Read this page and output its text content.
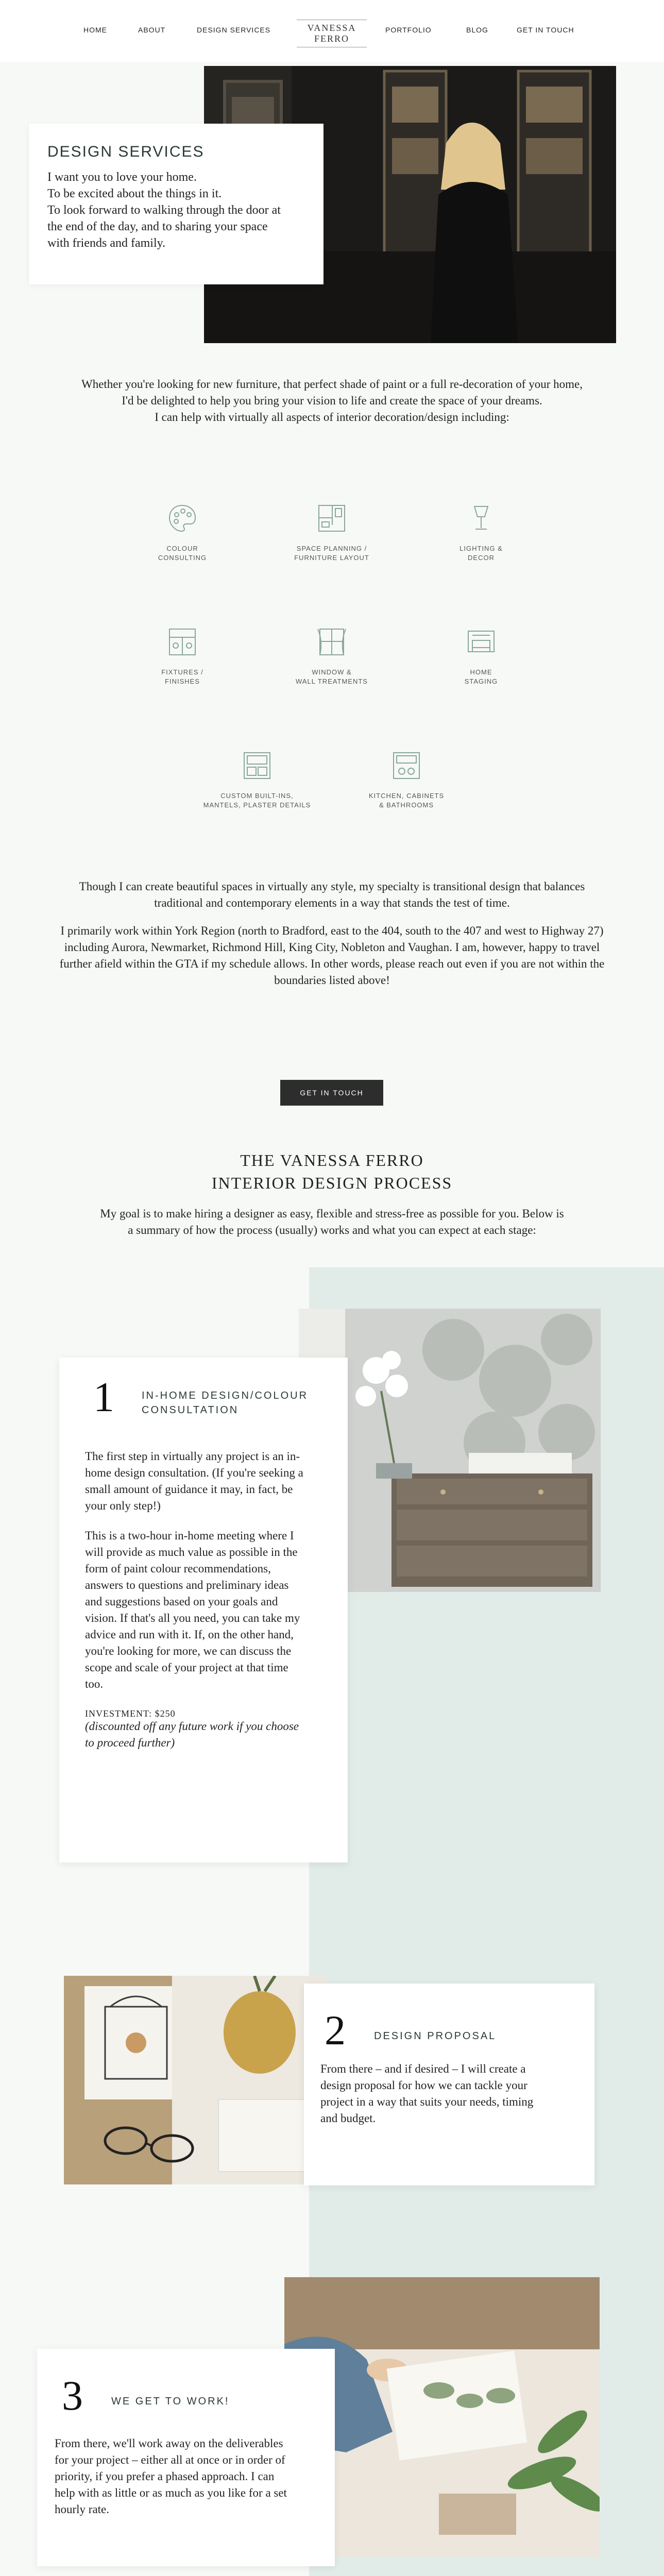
HOME	ABOUT	DESIGN SERVICES	VANESSA FERRO
PORTFOLIO	BLOG	GET IN TOUCH
DESIGN SERVICES

I want you to love your home.

To be excited about the things in it.

To look forward to walking through the door at

the end of the day, and to sharing your space

with friends and family.

Whether you're looking for new furniture, that perfect shade of paint or a full re-decoration of your home,
I'd be delighted to help you bring your vision to life and create the space of your dreams.
I can help with virtually all aspects of interior decoration/design including:
COLOUR
CONSULTING
SPACE PLANNING /
FURNITURE LAYOUT
LIGHTING &
DECOR
FIXTURES /
FINISHES
WINDOW &
WALL TREATMENTS
HOME
STAGING
CUSTOM BUILT-INS,
MANTELS, PLASTER DETAILS
KITCHEN, CABINETS
& BATHROOMS
Though I can create beautiful spaces in virtually any style, my specialty is transitional design that balances
traditional and contemporary elements in a way that stands the test of time.
I primarily work within York Region (north to Bradford, east to the 404, south to the 407 and west to Highway 27)
including Aurora, Newmarket, Richmond Hill, King City, Nobleton and Vaughan. I am, however, happy to travel
further afield within the GTA if my schedule allows. In other words, please reach out even if you are not within the
boundaries listed above!
GET IN TOUCH
THE VANESSA FERRO
INTERIOR DESIGN PROCESS
My goal is to make hiring a designer as easy, flexible and stress-free as possible for you. Below is
a summary of how the process (usually) works and what you can expect at each stage:
1	IN-HOME DESIGN/COLOUR
CONSULTATION
The first step in virtually any project is an in-
home design consultation. (If you're seeking a
small amount of guidance it may, in fact, be
your only step!)
This is a two-hour in-home meeting where I
will provide as much value as possible in the
form of paint colour recommendations,
answers to questions and preliminary ideas
and suggestions based on your goals and
vision. If that's all you need, you can take my
advice and run with it. If, on the other hand,
you're looking for more, we can discuss the
scope and scale of your project at that time
too.
INVESTMENT: $250
(discounted off any future work if you choose
to proceed further)
2	DESIGN PROPOSAL
From there – and if desired – I will create a
design proposal for how we can tackle your
project in a way that suits your needs, timing
and budget.
3	WE GET TO WORK!
From there, we'll work away on the deliverables
for your project – either all at once or in order of
priority, if you prefer a phased approach. I can
help with as little or as much as you like for a set
hourly rate.
